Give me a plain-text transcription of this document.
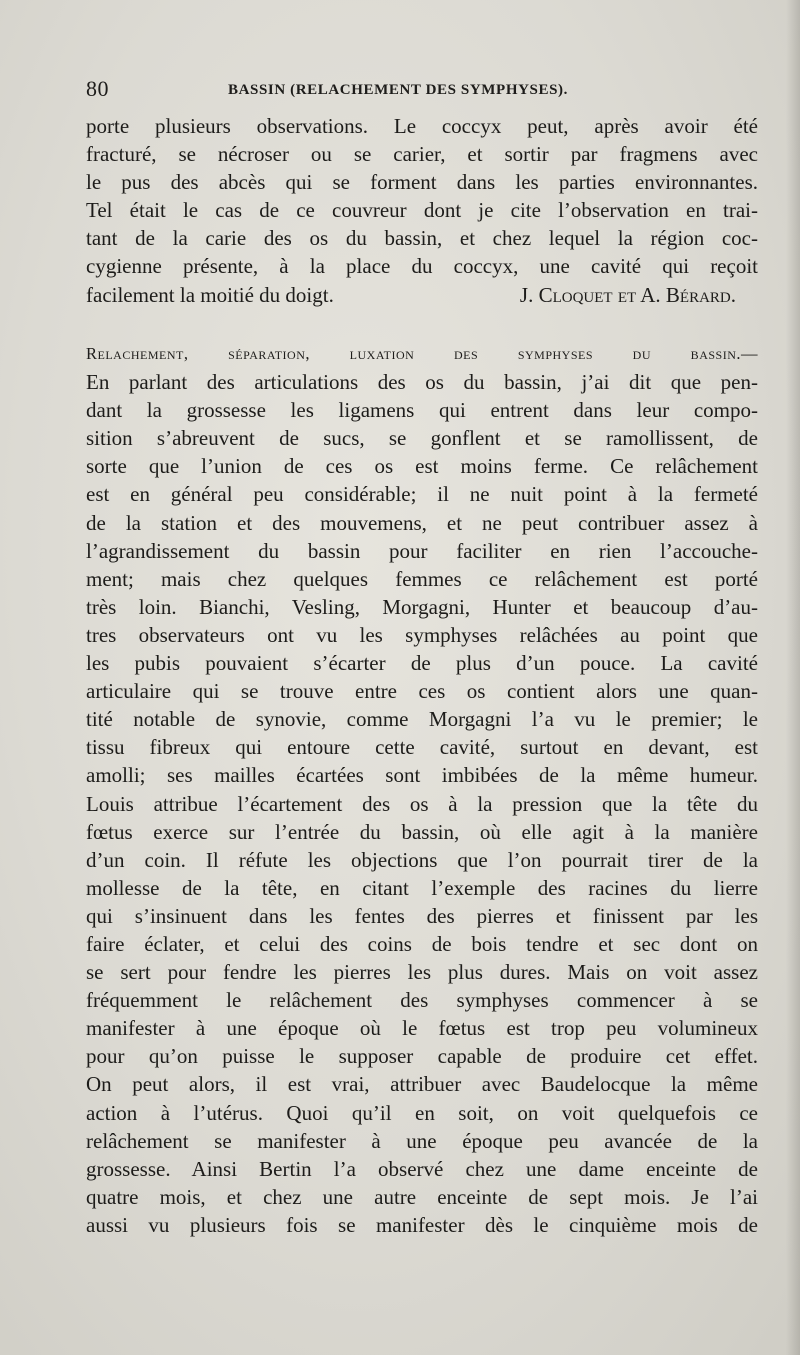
80	BASSIN (RELACHEMENT DES SYMPHYSES).
porte plusieurs observations. Le coccyx peut, après avoir été
fracturé, se nécroser ou se carier, et sortir par fragmens avec
le pus des abcès qui se forment dans les parties environnantes.
Tel était le cas de ce couvreur dont je cite l’observation en trai-
tant de la carie des os du bassin, et chez lequel la région coc-
cygienne présente, à la place du coccyx, une cavité qui reçoit
facilement la moitié du doigt.	J. Cloquet et A. Bérard.
Relachement, séparation, luxation des symphyses du bassin.—
En parlant des articulations des os du bassin, j’ai dit que pen-
dant la grossesse les ligamens qui entrent dans leur compo-
sition s’abreuvent de sucs, se gonflent et se ramollissent, de
sorte que l’union de ces os est moins ferme. Ce relâchement
est en général peu considérable; il ne nuit point à la fermeté
de la station et des mouvemens, et ne peut contribuer assez à
l’agrandissement du bassin pour faciliter en rien l’accouche-
ment; mais chez quelques femmes ce relâchement est porté
très loin. Bianchi, Vesling, Morgagni, Hunter et beaucoup d’au-
tres observateurs ont vu les symphyses relâchées au point que
les pubis pouvaient s’écarter de plus d’un pouce. La cavité
articulaire qui se trouve entre ces os contient alors une quan-
tité notable de synovie, comme Morgagni l’a vu le premier; le
tissu fibreux qui entoure cette cavité, surtout en devant, est
amolli; ses mailles écartées sont imbibées de la même humeur.
Louis attribue l’écartement des os à la pression que la tête du
fœtus exerce sur l’entrée du bassin, où elle agit à la manière
d’un coin. Il réfute les objections que l’on pourrait tirer de la
mollesse de la tête, en citant l’exemple des racines du lierre
qui s’insinuent dans les fentes des pierres et finissent par les
faire éclater, et celui des coins de bois tendre et sec dont on
se sert pour fendre les pierres les plus dures. Mais on voit assez
fréquemment le relâchement des symphyses commencer à se
manifester à une époque où le fœtus est trop peu volumineux
pour qu’on puisse le supposer capable de produire cet effet.
On peut alors, il est vrai, attribuer avec Baudelocque la même
action à l’utérus. Quoi qu’il en soit, on voit quelquefois ce
relâchement se manifester à une époque peu avancée de la
grossesse. Ainsi Bertin l’a observé chez une dame enceinte de
quatre mois, et chez une autre enceinte de sept mois. Je l’ai
aussi vu plusieurs fois se manifester dès le cinquième mois de
